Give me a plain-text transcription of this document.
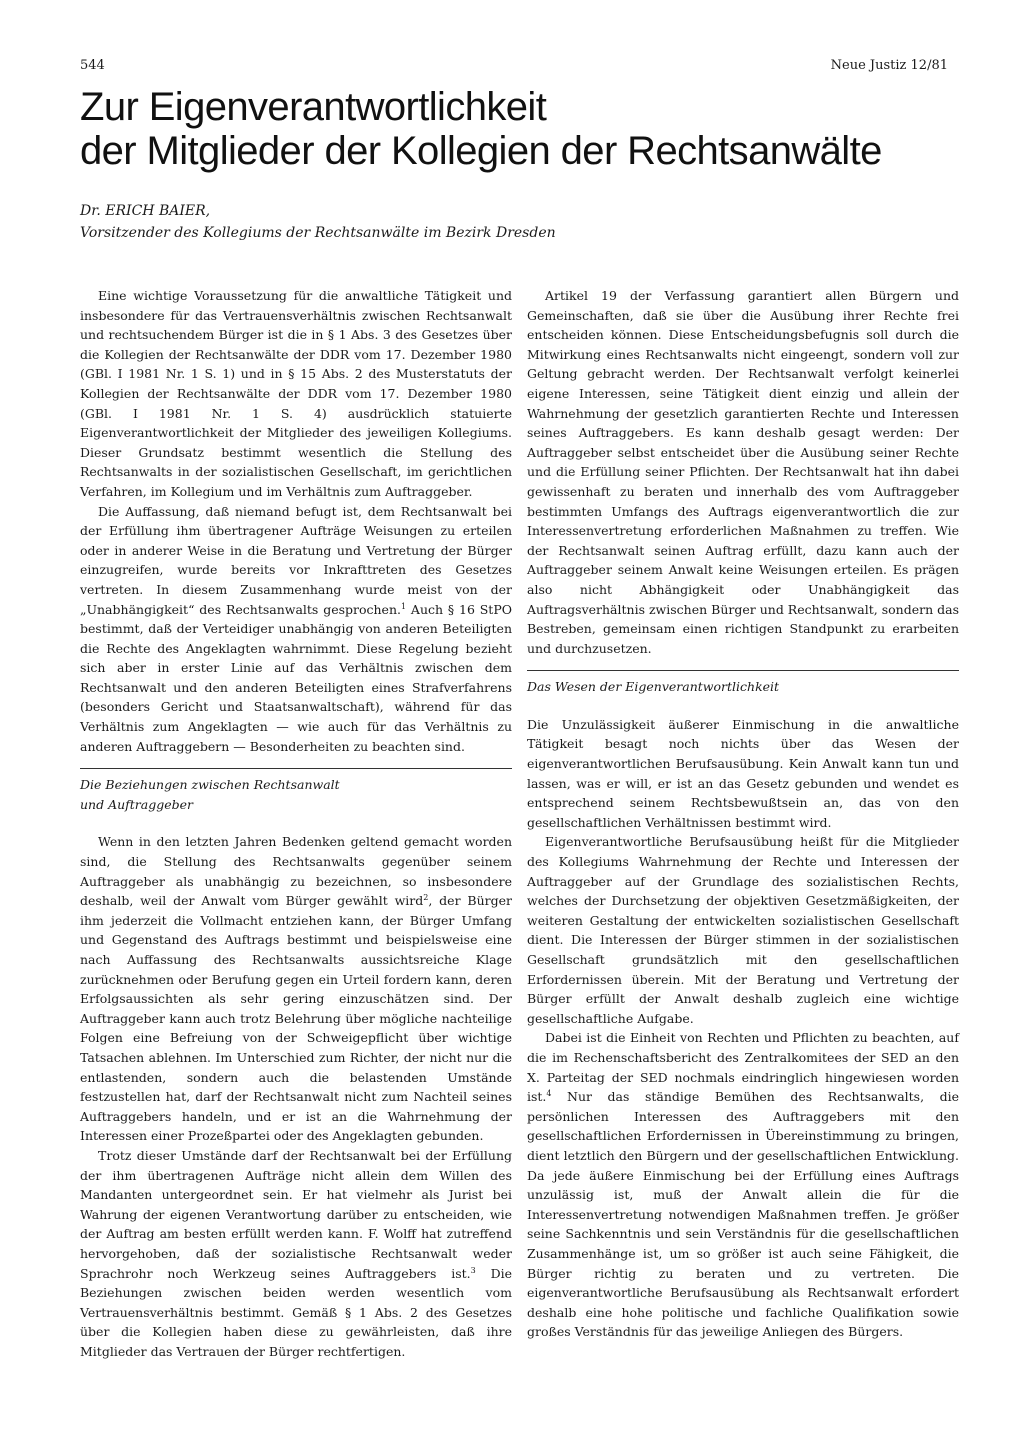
544	Neue Justiz 12/81
Zur Eigenverantwortlichkeit
der Mitglieder der Kollegien der Rechtsanwälte
Dr. ERICH BAIER,
Vorsitzender des Kollegiums der Rechtsanwälte im Bezirk Dresden

Eine wichtige Voraussetzung für die anwaltliche Tätigkeit und insbesondere für das Vertrauensverhältnis zwischen Rechtsanwalt und rechtsuchendem Bürger ist die in § 1 Abs. 3 des Gesetzes über die Kollegien der Rechtsanwälte der DDR vom 17. Dezember 1980 (GBl. I 1981 Nr. 1 S. 1) und in § 15 Abs. 2 des Musterstatuts der Kollegien der Rechtsanwälte der DDR vom 17. Dezember 1980 (GBl. I 1981 Nr. 1 S. 4) ausdrücklich statuierte Eigenverantwortlichkeit der Mitglieder des jeweiligen Kollegiums. Dieser Grundsatz bestimmt wesentlich die Stellung des Rechtsanwalts in der sozialistischen Gesellschaft, im gerichtlichen Verfahren, im Kollegium und im Verhältnis zum Auftraggeber.

Die Auffassung, daß niemand befugt ist, dem Rechtsanwalt bei der Erfüllung ihm übertragener Aufträge Weisungen zu erteilen oder in anderer Weise in die Beratung und Vertretung der Bürger einzugreifen, wurde bereits vor Inkrafttreten des Gesetzes vertreten. In diesem Zusammenhang wurde meist von der „Unabhängigkeit“ des Rechtsanwalts gesprochen.$^1$ Auch § 16 StPO bestimmt, daß der Verteidiger unabhängig von anderen Beteiligten die Rechte des Angeklagten wahrnimmt. Diese Regelung bezieht sich aber in erster Linie auf das Verhältnis zwischen dem Rechtsanwalt und den anderen Beteiligten eines Strafverfahrens (besonders Gericht und Staatsanwaltschaft), während für das Verhältnis zum Angeklagten — wie auch für das Verhältnis zu anderen Auftraggebern — Besonderheiten zu beachten sind.

Die Beziehungen zwischen Rechtsanwalt
und Auftraggeber

Wenn in den letzten Jahren Bedenken geltend gemacht worden sind, die Stellung des Rechtsanwalts gegenüber seinem Auftraggeber als unabhängig zu bezeichnen, so insbesondere deshalb, weil der Anwalt vom Bürger gewählt wird$^2$, der Bürger ihm jederzeit die Vollmacht entziehen kann, der Bürger Umfang und Gegenstand des Auftrags bestimmt und beispielsweise eine nach Auffassung des Rechtsanwalts aussichtsreiche Klage zurücknehmen oder Berufung gegen ein Urteil fordern kann, deren Erfolgsaussichten als sehr gering einzuschätzen sind. Der Auftraggeber kann auch trotz Belehrung über mögliche nachteilige Folgen eine Befreiung von der Schweigepflicht über wichtige Tatsachen ablehnen. Im Unterschied zum Richter, der nicht nur die entlastenden, sondern auch die belastenden Umstände festzustellen hat, darf der Rechtsanwalt nicht zum Nachteil seines Auftraggebers handeln, und er ist an die Wahrnehmung der Interessen einer Prozeßpartei oder des Angeklagten gebunden.

Trotz dieser Umstände darf der Rechtsanwalt bei der Erfüllung der ihm übertragenen Aufträge nicht allein dem Willen des Mandanten untergeordnet sein. Er hat vielmehr als Jurist bei Wahrung der eigenen Verantwortung darüber zu entscheiden, wie der Auftrag am besten erfüllt werden kann. F. Wolff hat zutreffend hervorgehoben, daß der sozialistische Rechtsanwalt weder Sprachrohr noch Werkzeug seines Auftraggebers ist.$^3$ Die Beziehungen zwischen beiden werden wesentlich vom Vertrauensverhältnis bestimmt. Gemäß § 1 Abs. 2 des Gesetzes über die Kollegien haben diese zu gewährleisten, daß ihre Mitglieder das Vertrauen der Bürger rechtfertigen.

Artikel 19 der Verfassung garantiert allen Bürgern und Gemeinschaften, daß sie über die Ausübung ihrer Rechte frei entscheiden können. Diese Entscheidungsbefugnis soll durch die Mitwirkung eines Rechtsanwalts nicht eingeengt, sondern voll zur Geltung gebracht werden. Der Rechtsanwalt verfolgt keinerlei eigene Interessen, seine Tätigkeit dient einzig und allein der Wahrnehmung der gesetzlich garantierten Rechte und Interessen seines Auftraggebers. Es kann deshalb gesagt werden: Der Auftraggeber selbst entscheidet über die Ausübung seiner Rechte und die Erfüllung seiner Pflichten. Der Rechtsanwalt hat ihn dabei gewissenhaft zu beraten und innerhalb des vom Auftraggeber bestimmten Umfangs des Auftrags eigenverantwortlich die zur Interessenvertretung erforderlichen Maßnahmen zu treffen. Wie der Rechtsanwalt seinen Auftrag erfüllt, dazu kann auch der Auftraggeber seinem Anwalt keine Weisungen erteilen. Es prägen also nicht Abhängigkeit oder Unabhängigkeit das Auftragsverhältnis zwischen Bürger und Rechtsanwalt, sondern das Bestreben, gemeinsam einen richtigen Standpunkt zu erarbeiten und durchzusetzen.

Das Wesen der Eigenverantwortlichkeit

Die Unzulässigkeit äußerer Einmischung in die anwaltliche Tätigkeit besagt noch nichts über das Wesen der eigenverantwortlichen Berufsausübung. Kein Anwalt kann tun und lassen, was er will, er ist an das Gesetz gebunden und wendet es entsprechend seinem Rechtsbewußtsein an, das von den gesellschaftlichen Verhältnissen bestimmt wird.

Eigenverantwortliche Berufsausübung heißt für die Mitglieder des Kollegiums Wahrnehmung der Rechte und Interessen der Auftraggeber auf der Grundlage des sozialistischen Rechts, welches der Durchsetzung der objektiven Gesetzmäßigkeiten, der weiteren Gestaltung der entwickelten sozialistischen Gesellschaft dient. Die Interessen der Bürger stimmen in der sozialistischen Gesellschaft grundsätzlich mit den gesellschaftlichen Erfordernissen überein. Mit der Beratung und Vertretung der Bürger erfüllt der Anwalt deshalb zugleich eine wichtige gesellschaftliche Aufgabe.

Dabei ist die Einheit von Rechten und Pflichten zu beachten, auf die im Rechenschaftsbericht des Zentralkomitees der SED an den X. Parteitag der SED nochmals eindringlich hingewiesen worden ist.$^4$ Nur das ständige Bemühen des Rechtsanwalts, die persönlichen Interessen des Auftraggebers mit den gesellschaftlichen Erfordernissen in Übereinstimmung zu bringen, dient letztlich den Bürgern und der gesellschaftlichen Entwicklung. Da jede äußere Einmischung bei der Erfüllung eines Auftrags unzulässig ist, muß der Anwalt allein die für die Interessenvertretung notwendigen Maßnahmen treffen. Je größer seine Sachkenntnis und sein Verständnis für die gesellschaftlichen Zusammenhänge ist, um so größer ist auch seine Fähigkeit, die Bürger richtig zu beraten und zu vertreten. Die eigenverantwortliche Berufsausübung als Rechtsanwalt erfordert deshalb eine hohe politische und fachliche Qualifikation sowie großes Verständnis für das jeweilige Anliegen des Bürgers.
